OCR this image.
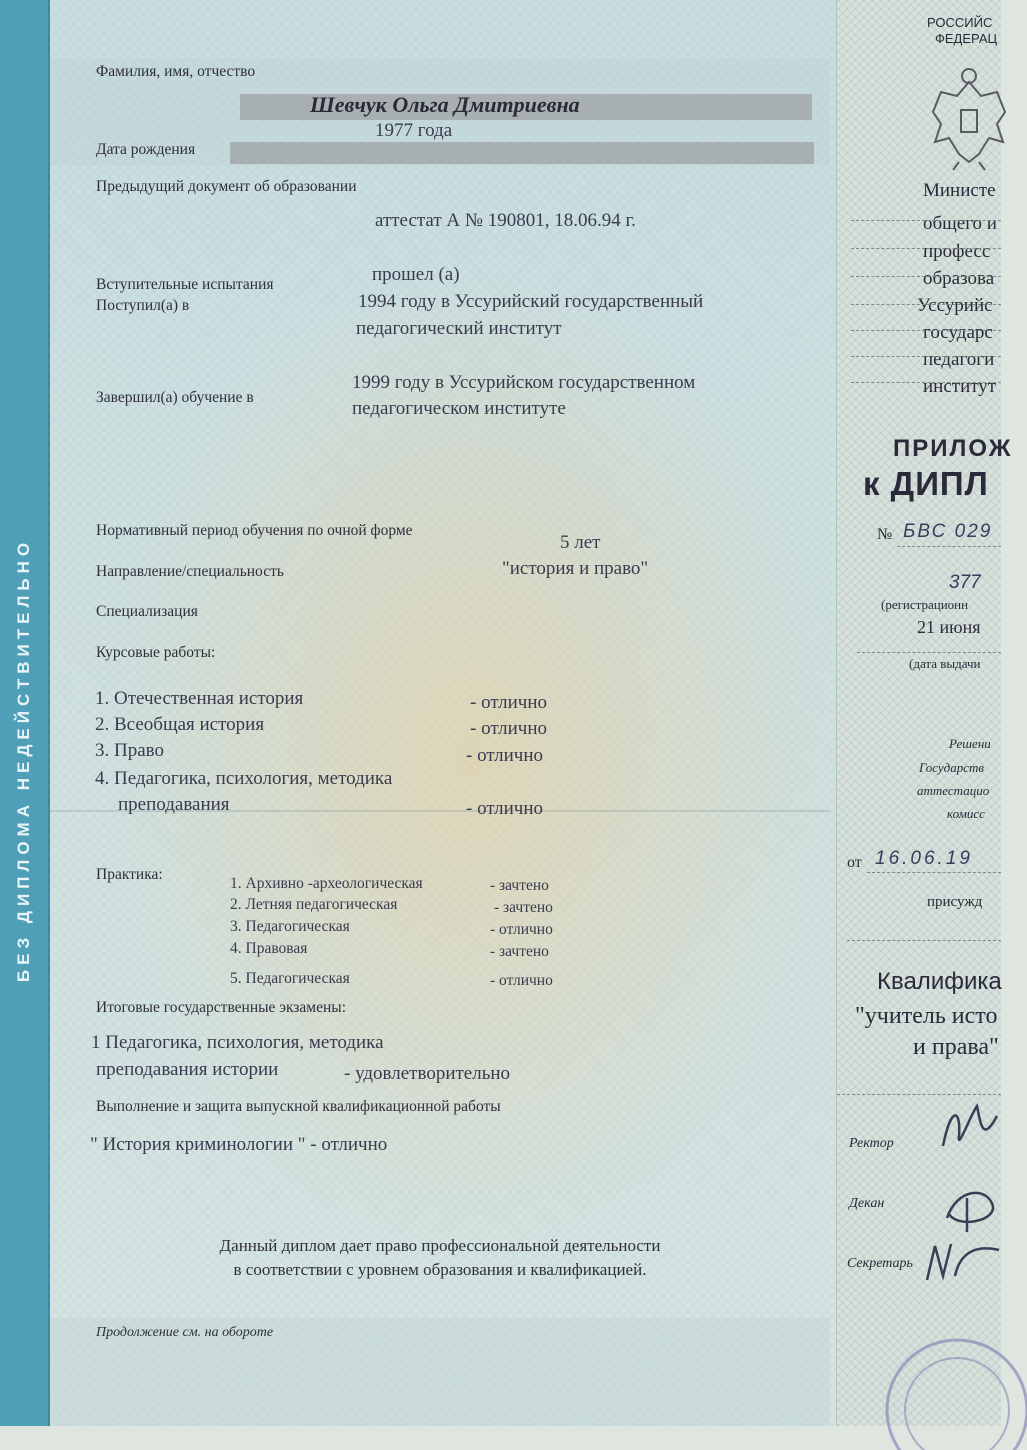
БЕЗ ДИПЛОМА НЕДЕЙСТВИТЕЛЬНО
Фамилия, имя, отчество
Шевчук Ольга Дмитриевна
1977 года
Дата рождения
Предыдущий документ об образовании
аттестат А № 190801, 18.06.94 г.
прошел (а)
Вступительные испытания
Поступил(а) в	1994 году в Уссурийский государственный
педагогический институт
1999 году в Уссурийском государственном
Завершил(а) обучение в
педагогическом институте
Нормативный период обучения по очной форме
5 лет
Направление/специальность	"история и право"
Специализация
Курсовые работы:
1. Отечественная история	- отлично
2. Всеобщая история	- отлично
3. Право	- отлично
4. Педагогика, психология, методика
преподавания	- отлично
Практика:
1. Архивно -археологическая	- зачтено
2. Летняя педагогическая	- зачтено
3. Педагогическая	- отлично
4. Правовая	- зачтено
5. Педагогическая	- отлично
Итоговые государственные экзамены:
1 Педагогика, психология, методика
преподавания истории	- удовлетворительно
Выполнение и защита выпускной квалификационной работы
" История криминологии " - отлично
Данный диплом дает право профессиональной деятельности
в соответствии с уровнем образования и квалификацией.
Продолжение см. на обороте
РОССИЙС
ФЕДЕРАЦ
Министе
общего и
професс
образова
Уссурийс
государс
педагоги
институт
ПРИЛОЖ
к ДИПЛ
№ БВС 029
377
(регистрационн
21 июня
(дата выдачи
Решени
Государств
аттестацио
комисс
от 16.06.19
присужд
Квалифика
"учитель исто
и права"
Ректор
Декан
Секретарь
